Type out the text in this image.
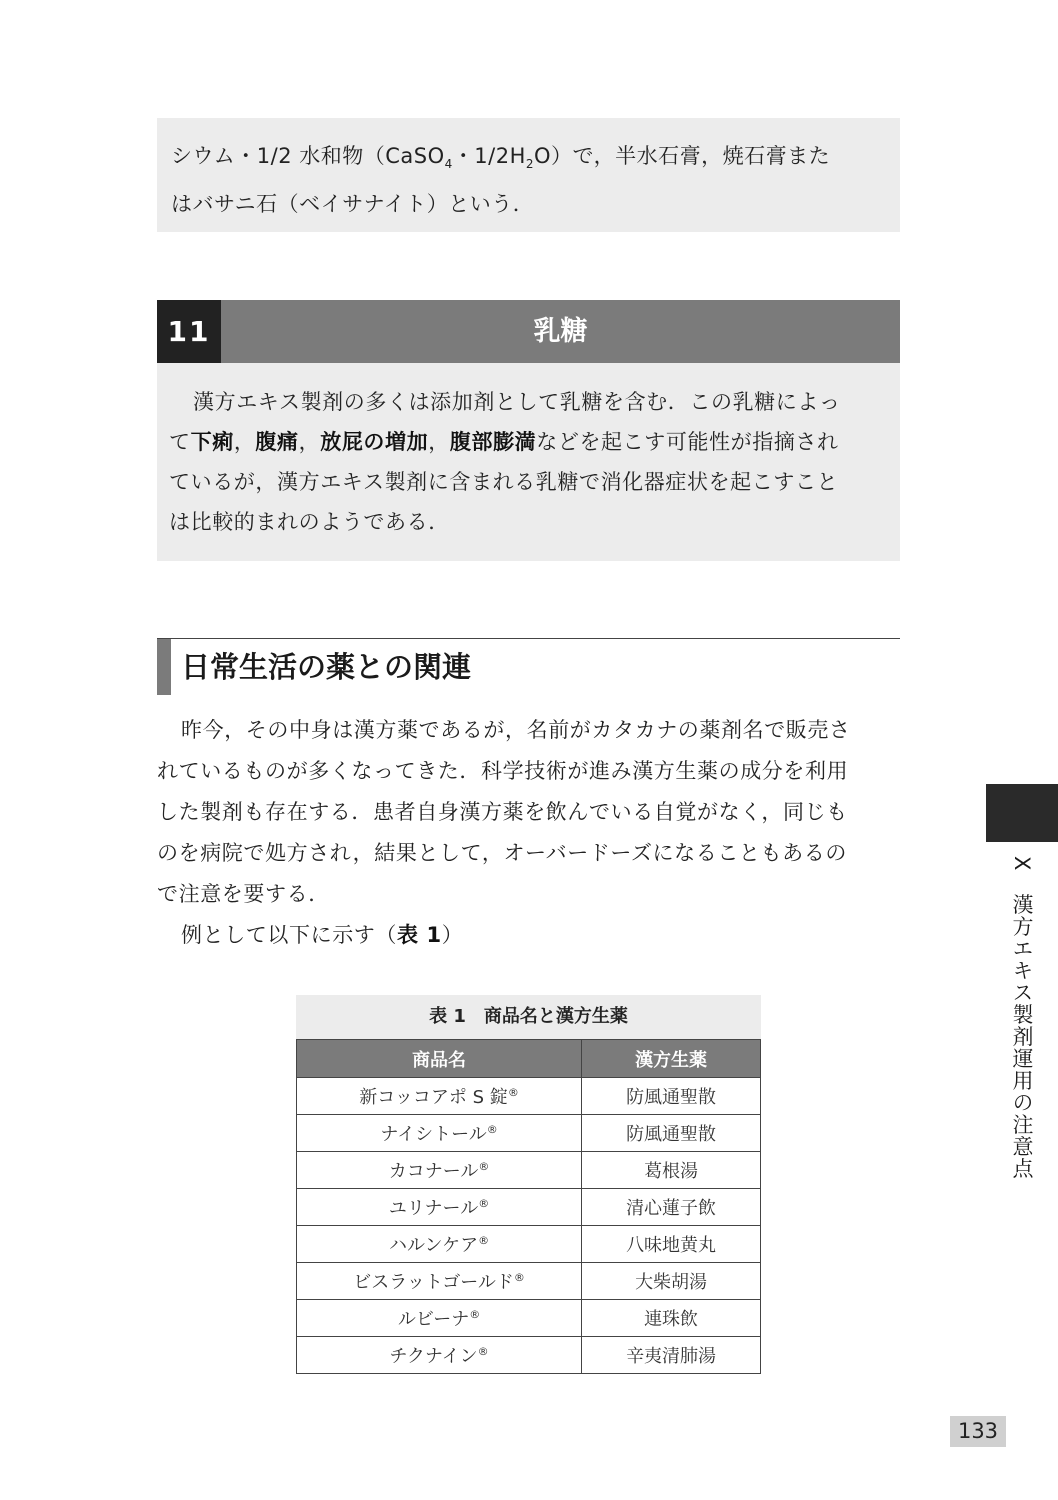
シウム・1/2 水和物（CaSO$_4$・$1/2H_2O$）で，半水石膏，焼石膏また
はバサニ石（ベイサナイト）という．
11	乳糖
漢方エキス製剤の多くは添加剤として乳糖を含む．この乳糖によっ
て下痢，腹痛，放屁の増加，腹部膨満などを起こす可能性が指摘され
ているが，漢方エキス製剤に含まれる乳糖で消化器症状を起こすこと
は比較的まれのようである．
日常生活の薬との関連
昨今，その中身は漢方薬であるが，名前がカタカナの薬剤名で販売さ
れているものが多くなってきた．科学技術が進み漢方生薬の成分を利用
した製剤も存在する．患者自身漢方薬を飲んでいる自覚がなく，同じも
のを病院で処方され，結果として，オーバードーズになることもあるの
で注意を要する．
例として以下に示す（表 1）
表 1　商品名と漢方生薬
商品名	漢方生薬
新コッコアポ S 錠®	防風通聖散
ナイシトール®	防風通聖散
カコナール®	葛根湯
ユリナール®	清心蓮子飲
ハルンケア®	八味地黄丸
ビスラットゴールド®	大柴胡湯
ルビーナ®	連珠飲
チクナイン®	辛夷清肺湯
X　漢方エキス製剤運用の注意点
133
